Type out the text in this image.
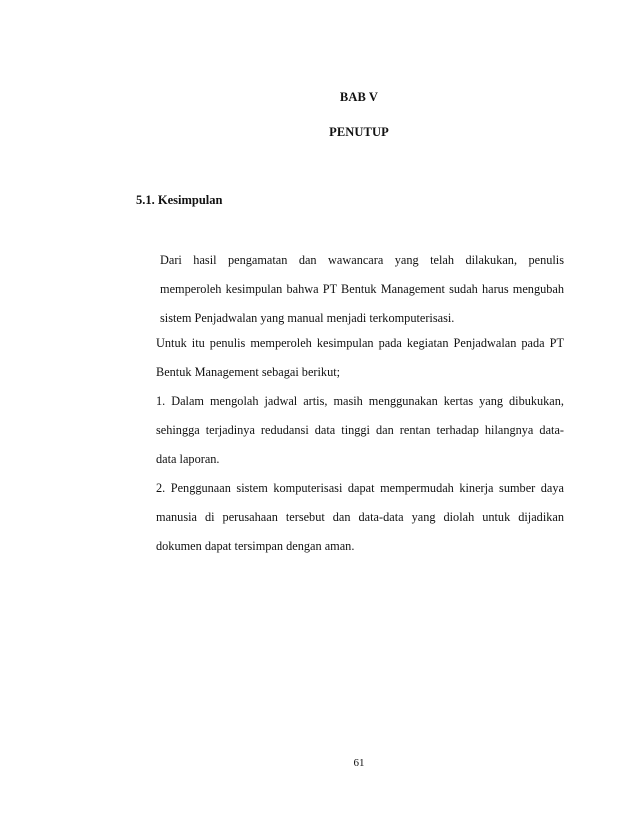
BAB V
PENUTUP
5.1. Kesimpulan
Dari hasil pengamatan dan wawancara yang telah dilakukan, penulis
memperoleh kesimpulan bahwa PT Bentuk Management sudah harus mengubah
sistem Penjadwalan yang manual menjadi terkomputerisasi.
Untuk itu penulis memperoleh kesimpulan pada kegiatan Penjadwalan pada PT
Bentuk Management sebagai berikut;
1. Dalam mengolah jadwal artis, masih menggunakan kertas yang dibukukan,
sehingga terjadinya redudansi data tinggi dan rentan terhadap hilangnya data-
data laporan.
2. Penggunaan sistem komputerisasi dapat mempermudah kinerja sumber daya
manusia di perusahaan tersebut dan data-data yang diolah untuk dijadikan
dokumen dapat tersimpan dengan aman.
61
